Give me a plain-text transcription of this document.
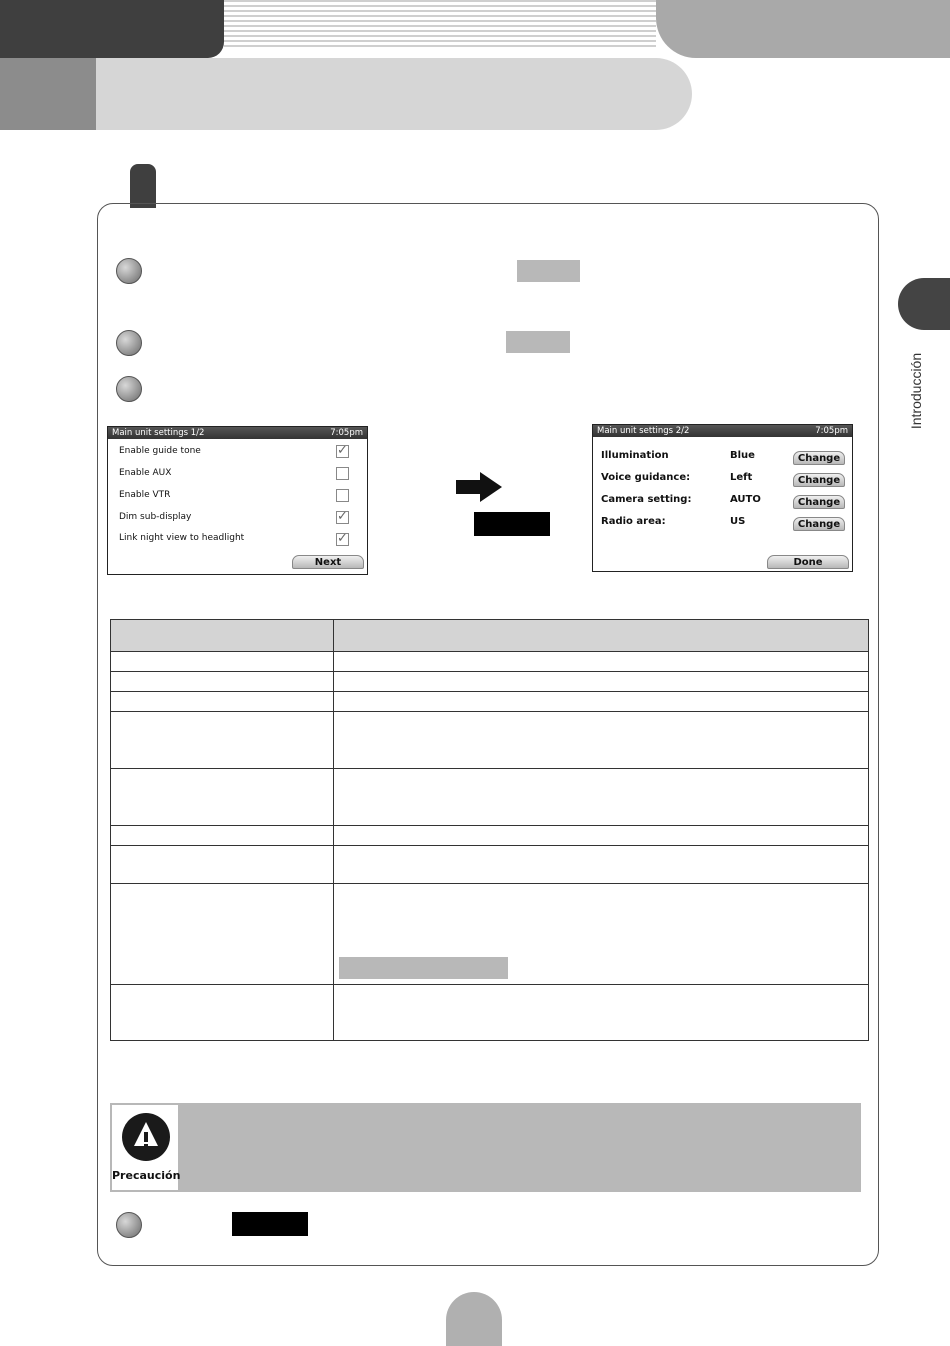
Introducción
Main unit settings 1/2	7:05pm
Enable guide tone	✓
Enable AUX
Enable VTR
Dim sub-display	✓
Link night view to headlight	✓
Next
Main unit settings 2/2	7:05pm
Illumination	Blue	Change
Voice guidance:	Left	Change
Camera setting:	AUTO	Change
Radio area:	US	Change
Done

Precaución
